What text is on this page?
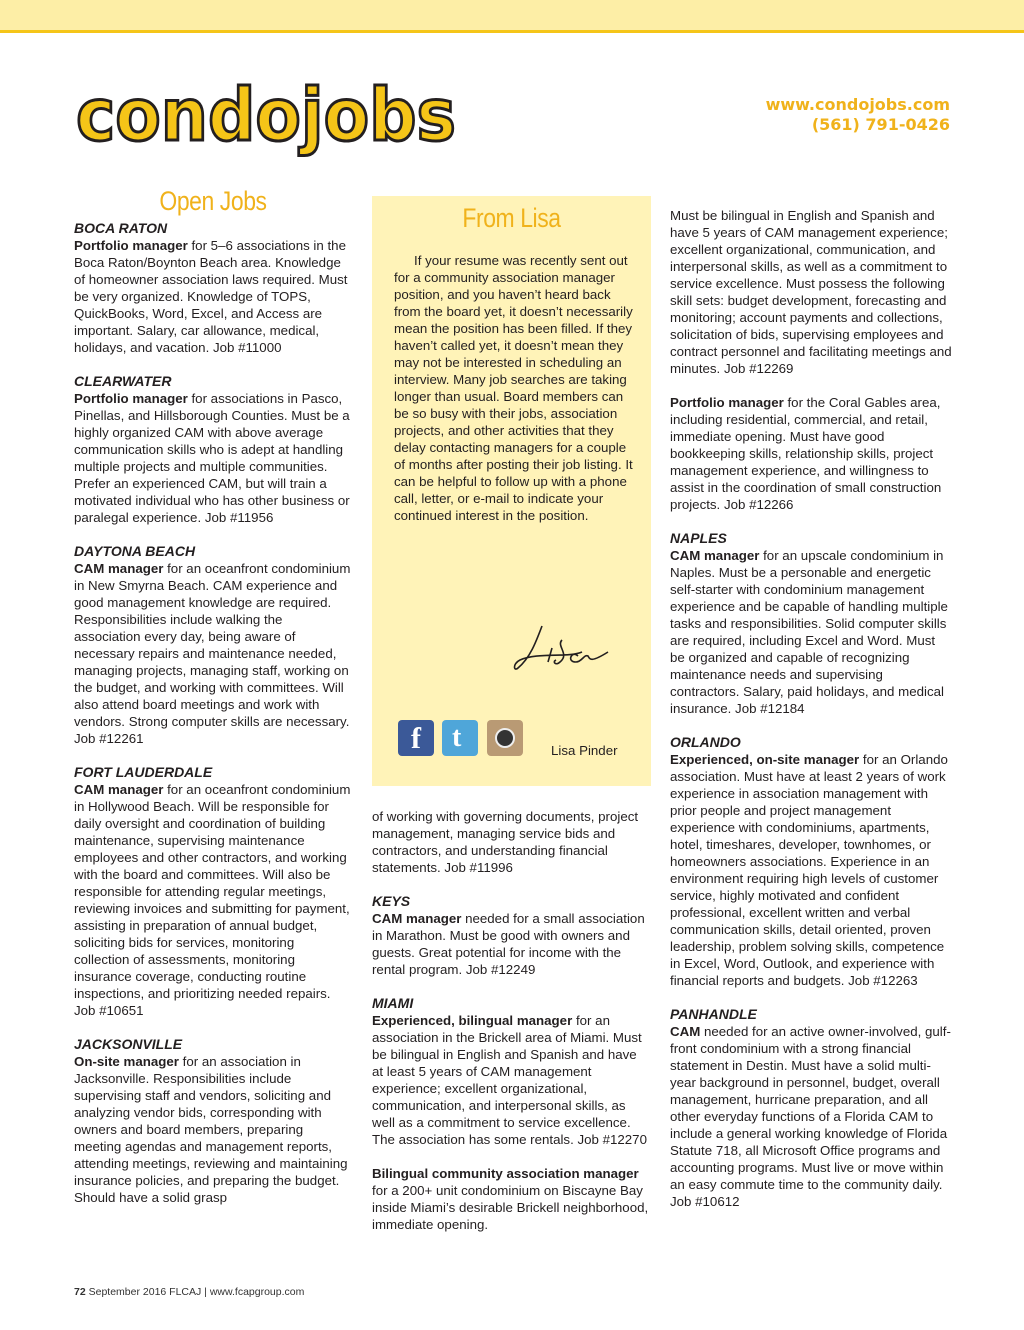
condojobs	www.condojobs.com
(561) 791-0426
Open Jobs

BOCA RATON

Portfolio manager for 5–6 associations in the Boca Raton/Boynton Beach area. Knowledge of homeowner association laws required. Must be very organized. Knowledge of TOPS, QuickBooks, Word, Excel, and Access are important. Salary, car allowance, medical, holidays, and vacation. Job #11000

CLEARWATER

Portfolio manager for associations in Pasco, Pinellas, and Hillsborough Counties. Must be a highly organized CAM with above average communication skills who is adept at handling multiple projects and multiple communities. Prefer an experienced CAM, but will train a motivated individual who has other business or paralegal experience. Job #11956

DAYTONA BEACH

CAM manager for an oceanfront condominium in New Smyrna Beach. CAM experience and good management knowledge are required. Responsibilities include walking the association every day, being aware of necessary repairs and maintenance needed, managing projects, managing staff, working on the budget, and working with committees. Will also attend board meetings and work with vendors. Strong computer skills are necessary. Job #12261

FORT LAUDERDALE

CAM manager for an oceanfront condominium in Hollywood Beach. Will be responsible for daily oversight and coordination of building maintenance, supervising maintenance employees and other contractors, and working with the board and committees. Will also be responsible for attending regular meetings, reviewing invoices and submitting for payment, assisting in preparation of annual budget, soliciting bids for services, monitoring collection of assessments, monitoring insurance coverage, conducting routine inspections, and prioritizing needed repairs. Job #10651

JACKSONVILLE

On-site manager for an association in Jacksonville. Responsibilities include supervising staff and vendors, soliciting and analyzing vendor bids, corresponding with owners and board members, preparing meeting agendas and management reports, attending meetings, reviewing and maintaining insurance policies, and preparing the budget. Should have a solid grasp

From Lisa

If your resume was recently sent out for a community association manager position, and you haven’t heard back from the board yet, it doesn’t necessarily mean the position has been filled. If they haven’t called yet, it doesn’t mean they may not be interested in scheduling an interview. Many job searches are taking longer than usual. Board members can be so busy with their jobs, association projects, and other activities that they delay contacting managers for a couple of months after posting their job listing. It can be helpful to follow up with a phone call, letter, or e-mail to indicate your continued interest in the position.

f t	Lisa Pinder

of working with governing documents, project management, managing service bids and contractors, and understanding financial statements. Job #11996

KEYS

CAM manager needed for a small association in Marathon. Must be good with owners and guests. Great potential for income with the rental program. Job #12249

MIAMI

Experienced, bilingual manager for an association in the Brickell area of Miami. Must be bilingual in English and Spanish and have at least 5 years of CAM management experience; excellent organizational, communication, and interpersonal skills, as well as a commitment to service excellence. The association has some rentals. Job #12270

Bilingual community association manager for a 200+ unit condominium on Biscayne Bay inside Miami’s desirable Brickell neighborhood, immediate opening.

Must be bilingual in English and Spanish and have 5 years of CAM management experience; excellent organizational, communication, and interpersonal skills, as well as a commitment to service excellence. Must possess the following skill sets: budget development, forecasting and monitoring; account payments and collections, solicitation of bids, supervising employees and contract personnel and facilitating meetings and minutes. Job #12269

Portfolio manager for the Coral Gables area, including residential, commercial, and retail, immediate opening. Must have good bookkeeping skills, relationship skills, project management experience, and willingness to assist in the coordination of small construction projects. Job #12266

NAPLES

CAM manager for an upscale condominium in Naples. Must be a personable and energetic self-starter with condominium management experience and be capable of handling multiple tasks and responsibilities. Solid computer skills are required, including Excel and Word. Must be organized and capable of recognizing maintenance needs and supervising contractors. Salary, paid holidays, and medical insurance. Job #12184

ORLANDO

Experienced, on-site manager for an Orlando association. Must have at least 2 years of work experience in association management with prior people and project management experience with condominiums, apartments, hotel, timeshares, developer, townhomes, or homeowners associations. Experience in an environment requiring high levels of customer service, highly motivated and confident professional, excellent written and verbal communication skills, detail oriented, proven leadership, problem solving skills, competence in Excel, Word, Outlook, and experience with financial reports and budgets. Job #12263

PANHANDLE

CAM needed for an active owner-involved, gulf-front condominium with a strong financial statement in Destin. Must have a solid multi-year background in personnel, budget, overall management, hurricane preparation, and all other everyday functions of a Florida CAM to include a general working knowledge of Florida Statute 718, all Microsoft Office programs and accounting programs. Must live or move within an easy commute time to the community daily. Job #10612

72 September 2016 FLCAJ | www.fcapgroup.com
